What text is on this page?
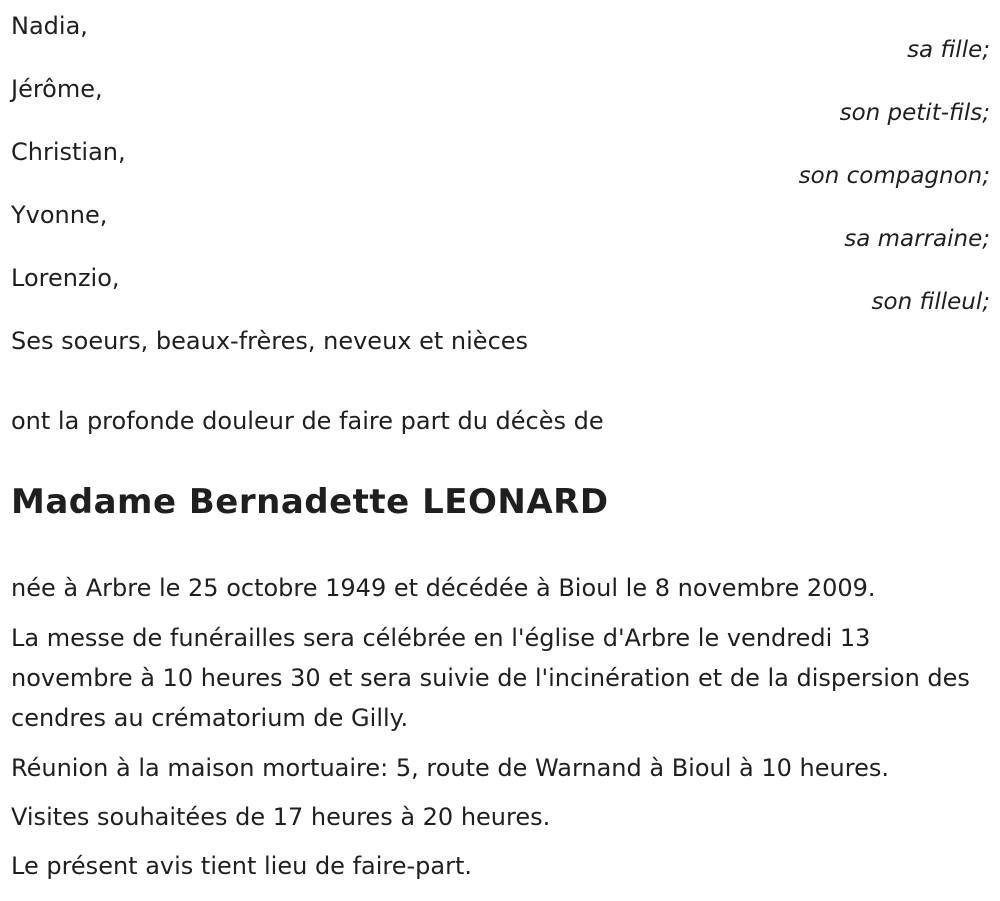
Nadia,
sa fille;
Jérôme,
son petit-fils;
Christian,
son compagnon;
Yvonne,
sa marraine;
Lorenzio,
son filleul;
Ses soeurs, beaux-frères, neveux et nièces
ont la profonde douleur de faire part du décès de
Madame Bernadette LEONARD
née à Arbre le 25 octobre 1949 et décédée à Bioul le 8 novembre 2009.
La messe de funérailles sera célébrée en l'église d'Arbre le vendredi 13 novembre à 10 heures 30 et sera suivie de l'incinération et de la dispersion des cendres au crématorium de Gilly.
Réunion à la maison mortuaire: 5, route de Warnand à Bioul à 10 heures.
Visites souhaitées de 17 heures à 20 heures.
Le présent avis tient lieu de faire-part.
